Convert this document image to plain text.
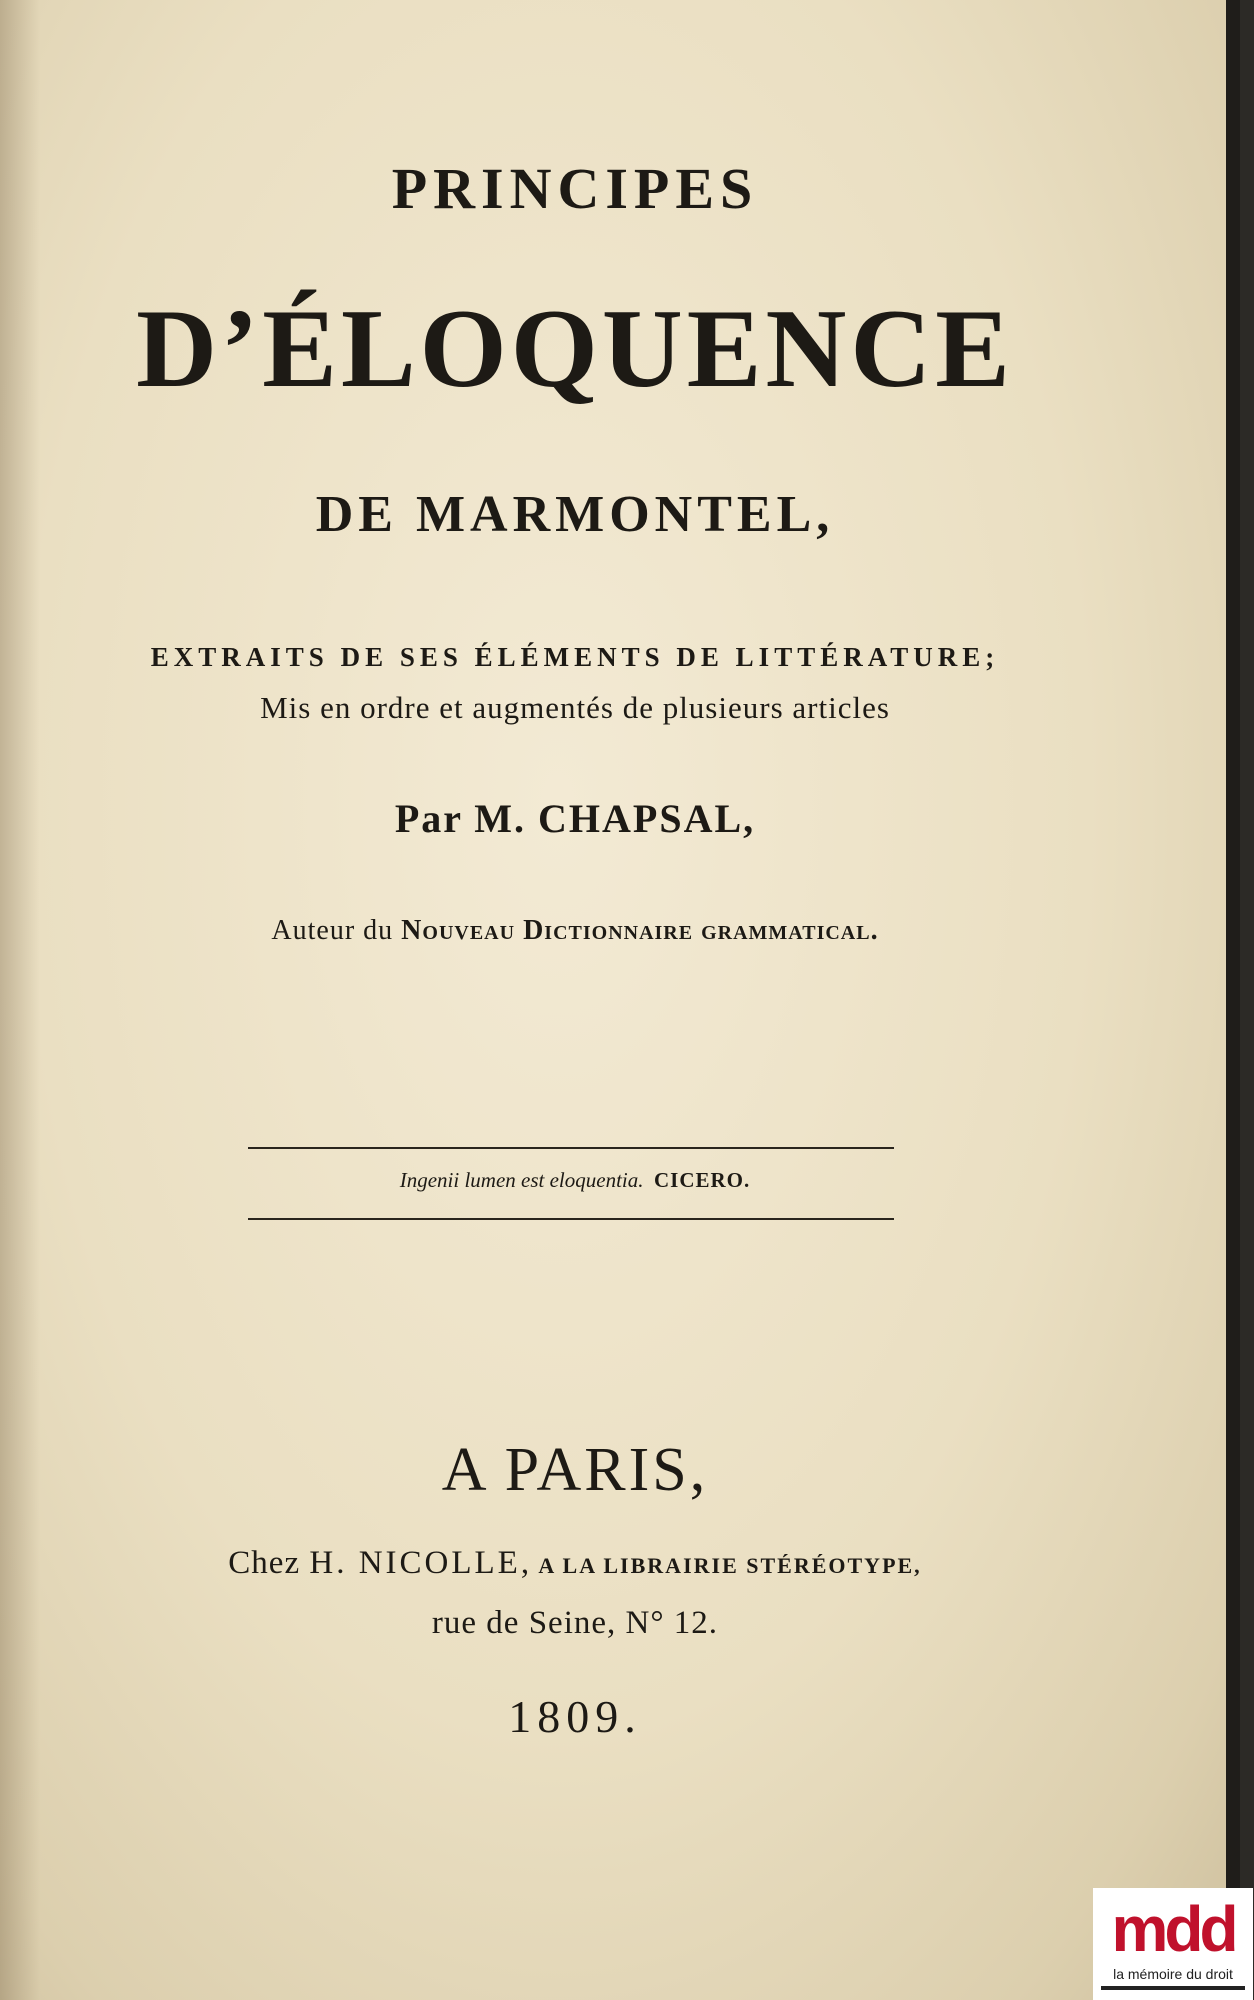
PRINCIPES
D’ÉLOQUENCE
DE MARMONTEL,
EXTRAITS DE SES ÉLÉMENTS DE LITTÉRATURE;
Mis en ordre et augmentés de plusieurs articles
Par M. CHAPSAL,
Auteur du Nouveau Dictionnaire grammatical.
Ingenii lumen est eloquentia. CICERO.
A PARIS,
Chez H. NICOLLE, A LA LIBRAIRIE STÉRÉOTYPE,
rue de Seine, N° 12.
1809.
mdd
la mémoire du droit
